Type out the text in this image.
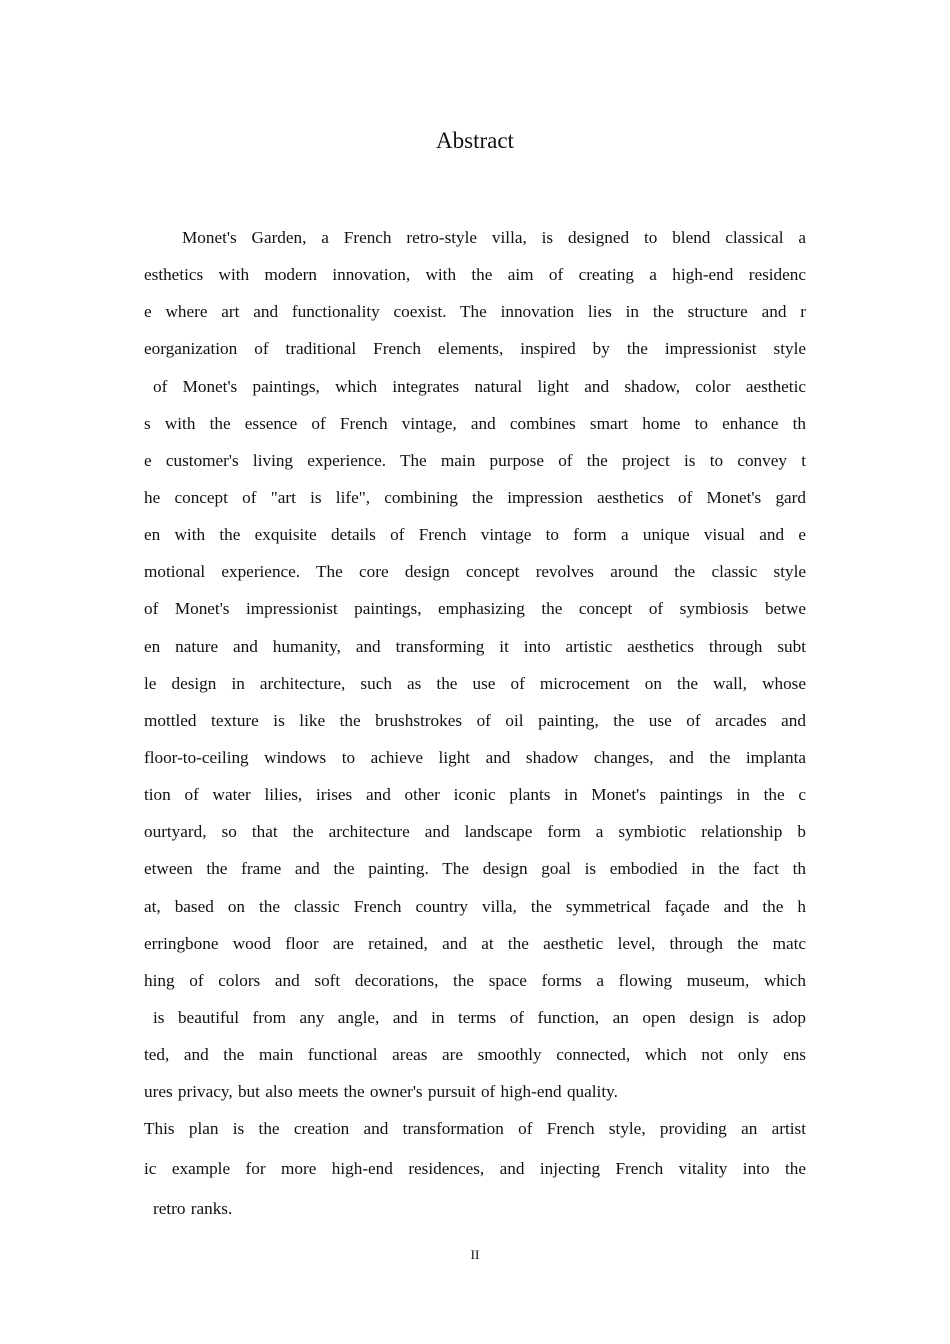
Abstract
Monet's Garden, a French retro-style villa, is designed to blend classical a
esthetics with modern innovation, with the aim of creating a high-end residenc
e where art and functionality coexist. The innovation lies in the structure and r
eorganization of traditional French elements, inspired by the impressionist style
of Monet's paintings, which integrates natural light and shadow, color aesthetic
s with the essence of French vintage, and combines smart home to enhance th
e customer's living experience. The main purpose of the project is to convey t
he concept of "art is life", combining the impression aesthetics of Monet's gard
en with the exquisite details of French vintage to form a unique visual and e
motional experience. The core design concept revolves around the classic style
of Monet's impressionist paintings, emphasizing the concept of symbiosis betwe
en nature and humanity, and transforming it into artistic aesthetics through subt
le design in architecture, such as the use of microcement on the wall, whose
mottled texture is like the brushstrokes of oil painting, the use of arcades and
floor-to-ceiling windows to achieve light and shadow changes, and the implanta
tion of water lilies, irises and other iconic plants in Monet's paintings in the c
ourtyard, so that the architecture and landscape form a symbiotic relationship b
etween the frame and the painting. The design goal is embodied in the fact th
at, based on the classic French country villa, the symmetrical façade and the h
erringbone wood floor are retained, and at the aesthetic level, through the matc
hing of colors and soft decorations, the space forms a flowing museum, which
is beautiful from any angle, and in terms of function, an open design is adop
ted, and the main functional areas are smoothly connected, which not only ens
ures privacy, but also meets the owner's pursuit of high-end quality.
This plan is the creation and transformation of French style, providing an artist
ic example for more high-end residences, and injecting French vitality into the
retro ranks.
II
